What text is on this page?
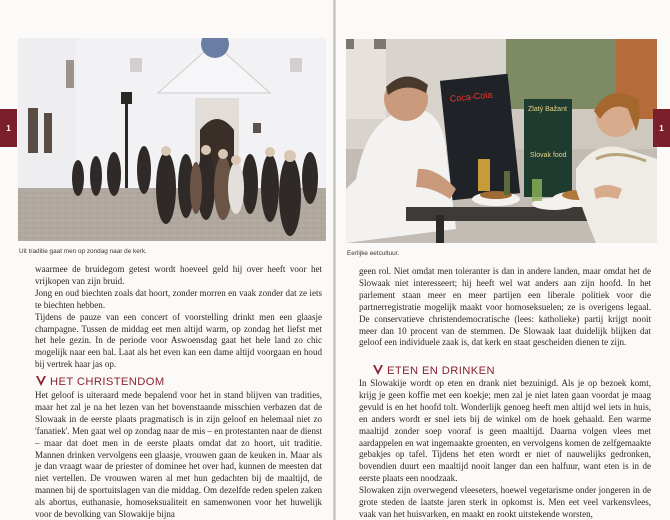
Uit traditie gaat men op zondag naar de kerk.
1

waarmee de bruidegom getest wordt hoeveel geld hij over heeft voor het vrijkopen van zijn bruid.

Jong en oud biechten zoals dat hoort, zonder morren en vaak zonder dat ze iets te biechten hebben.

Tijdens de pauze van een concert of voorstelling drinkt men een glaasje champagne. Tussen de middag eet men altijd warm, op zondag het liefst met het hele gezin. In de periode voor Aswoensdag gaat het hele land zo chic mogelijk naar een bal. Laat als het even kan een dame altijd voorgaan en houd bij vertrek haar jas op.

HET CHRISTENDOM

Het geloof is uiteraard mede bepalend voor het in stand blijven van tradities, maar het zal je na het lezen van het bovenstaande misschien verbazen dat de Slowaak in de eerste plaats pragmatisch is in zijn geloof en helemaal niet zo 'fanatiek'. Men gaat wel op zondag naar de mis – en protestanten naar de dienst – maar dat doet men in de eerste plaats omdat dat zo hoort, uit traditie. Mannen drinken vervolgens een glaasje, vrouwen gaan de keuken in. Maar als je dan vraagt waar de priester of dominee het over had, kunnen de meesten dat niet vertellen. De vrouwen waren al met hun gedachten bij de maaltijd, de mannen bij de sportuitslagen van die middag. Om dezelfde reden spelen zaken als abortus, euthanasie, homoseksualiteit en samenwonen voor het huwelijk voor de bevolking van Slowakije bijna

Coca-Cola
Zlatý Bažant
Slovak food
Eerlijke eetcultuur.
1

geen rol. Niet omdat men toleranter is dan in andere landen, maar omdat het de Slowaak niet interesseert; hij heeft wel wat anders aan zijn hoofd. In het parlement staan meer en meer partijen een liberale politiek voor die partnerregistratie mogelijk maakt voor homoseksuelen; ze is overigens legaal. De conservatieve christendemocratische (lees: katholieke) partij krijgt nooit meer dan 10 procent van de stemmen. De Slowaak laat duidelijk blijken dat geloof een individuele zaak is, dat kerk en staat gescheiden dienen te zijn.

ETEN EN DRINKEN

In Slowakije wordt op eten en drank niet bezuinigd. Als je op bezoek komt, krijg je geen koffie met een koekje; men zal je niet laten gaan voordat je maag gevuld is en het hoofd tolt. Wonderlijk genoeg heeft men altijd wel iets in huis, en anders wordt er snel iets bij de winkel om de hoek gehaald. Een warme maaltijd zonder soep vooraf is geen maaltijd. Daarna volgen vlees met aardappelen en wat ingemaakte groenten, en vervolgens komen de zelfgemaakte gebakjes op tafel. Tijdens het eten wordt er niet of nauwelijks gedronken, bovendien duurt een maaltijd nooit langer dan een halfuur, want eten is in de eerste plaats een noodzaak.

Slowaken zijn overwegend vleeseters, hoewel vegetarisme onder jongeren in de grote steden de laatste jaren sterk in opkomst is. Men eet veel varkensvlees, vaak van het huisvarken, en maakt en rookt uitstekende worsten,
